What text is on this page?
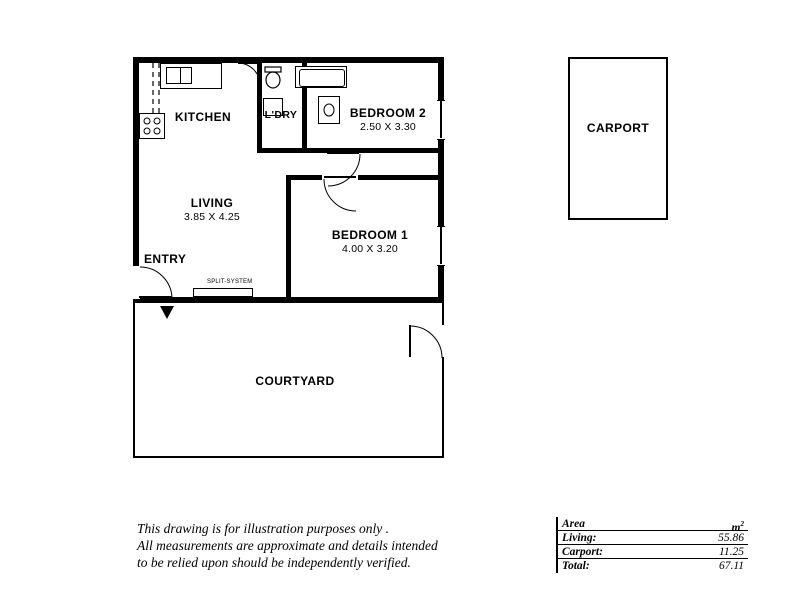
CARPORT
COURTYARD
SPLIT-SYSTEM
KITCHEN	L'DRY	BEDROOM 2
2.50 X 3.30
LIVING
3.85 X 4.25
BEDROOM 1
4.00 X 3.20
ENTRY
This drawing is for illustration purposes only .
All measurements are approximate and details intended
to be relied upon should be independently verified.
Area	$m^2$
Living:	55.86
Carport:	11.25
Total:	67.11
